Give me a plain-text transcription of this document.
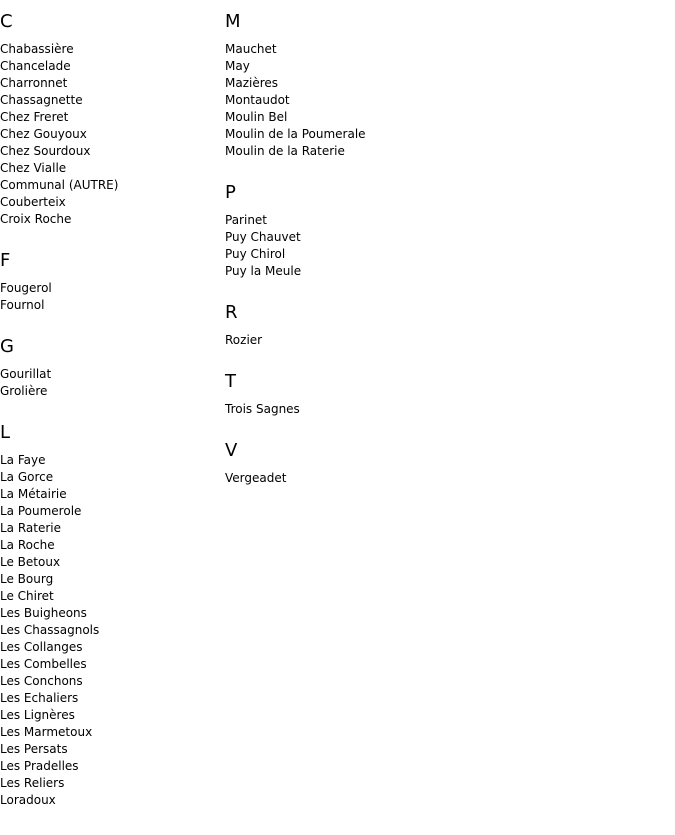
C
Chabassière
Chancelade
Charronnet
Chassagnette
Chez Freret
Chez Gouyoux
Chez Sourdoux
Chez Vialle
Communal (AUTRE)
Couberteix
Croix Roche
F
Fougerol
Fournol
G
Gourillat
Grolière
L
La Faye
La Gorce
La Métairie
La Poumerole
La Raterie
La Roche
Le Betoux
Le Bourg
Le Chiret
Les Buigheons
Les Chassagnols
Les Collanges
Les Combelles
Les Conchons
Les Echaliers
Les Lignères
Les Marmetoux
Les Persats
Les Pradelles
Les Reliers
Loradoux
M
Mauchet
May
Mazières
Montaudot
Moulin Bel
Moulin de la Poumerale
Moulin de la Raterie
P
Parinet
Puy Chauvet
Puy Chirol
Puy la Meule
R
Rozier
T
Trois Sagnes
V
Vergeadet
